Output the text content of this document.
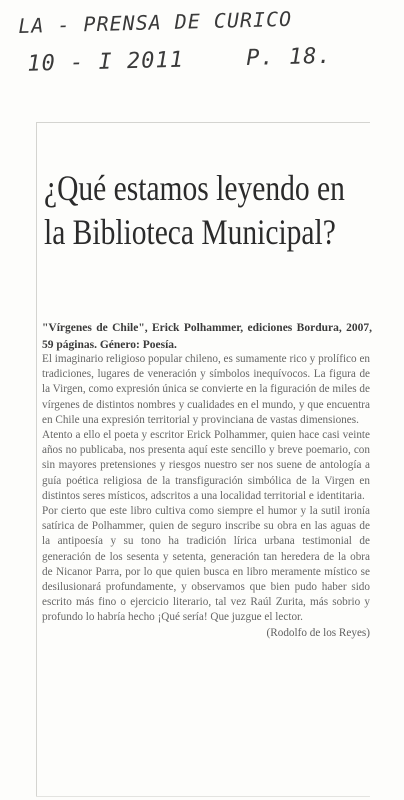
LA - PRENSA DE CURICO
10 - I 2011	P. 18.
¿Qué estamos leyendo en la Biblioteca Municipal?
"Vírgenes de Chile", Erick Polhammer, ediciones Bordura, 2007, 59 páginas. Género: Poesía.

El imaginario religioso popular chileno, es sumamente rico y prolífico en tradiciones, lugares de veneración y símbolos inequívocos. La figura de la Virgen, como expresión única se convierte en la figuración de miles de vírgenes de distintos nombres y cualidades en el mundo, y que encuentra en Chile una expresión territorial y provinciana de vastas dimensiones.

Atento a ello el poeta y escritor Erick Polhammer, quien hace casi veinte años no publicaba, nos presenta aquí este sencillo y breve poemario, con sin mayores pretensiones y riesgos nuestro ser nos suene de antología a guía poética religiosa de la transfiguración simbólica de la Virgen en distintos seres místicos, adscritos a una localidad territorial e identitaria.

Por cierto que este libro cultiva como siempre el humor y la sutil ironía satírica de Polhammer, quien de seguro inscribe su obra en las aguas de la antipoesía y su tono ha tradición lírica urbana testimonial de generación de los sesenta y setenta, generación tan heredera de la obra de Nicanor Parra, por lo que quien busca en libro meramente místico se desilusionará profundamente, y observamos que bien pudo haber sido escrito más fino o ejercicio literario, tal vez Raúl Zurita, más sobrio y profundo lo habría hecho ¡Qué sería! Que juzgue el lector.

(Rodolfo de los Reyes)
